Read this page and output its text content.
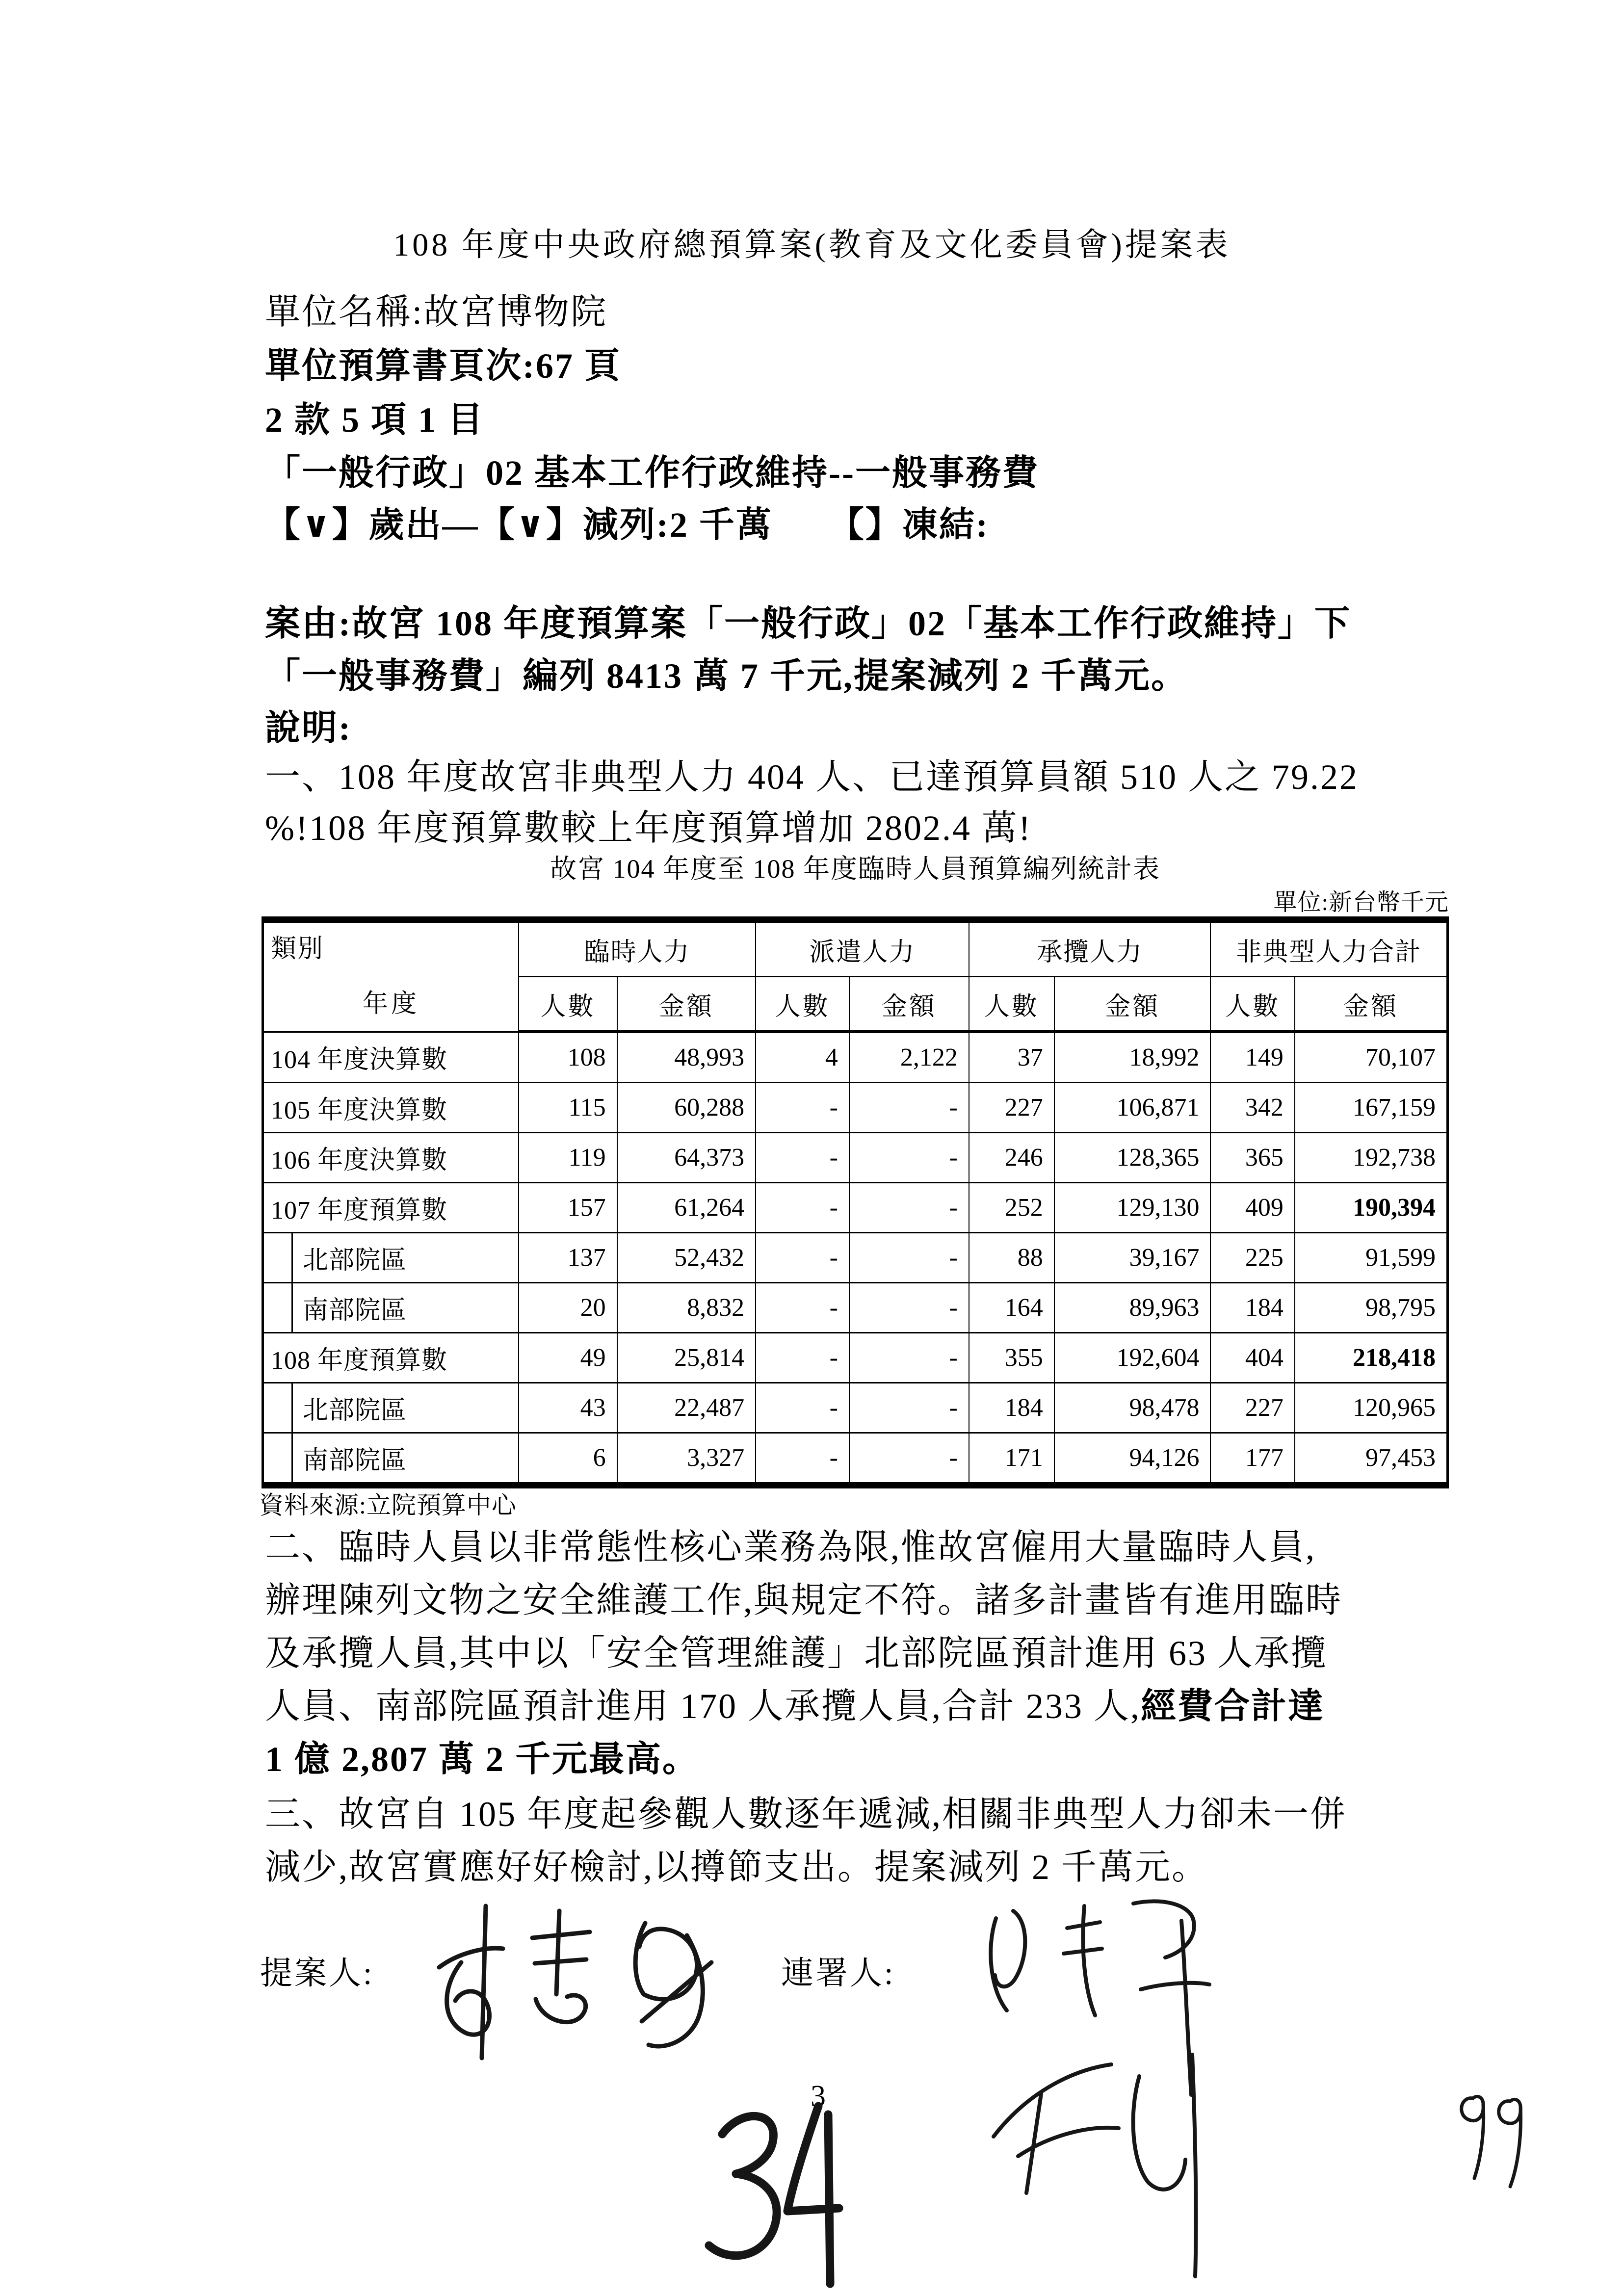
108 年度中央政府總預算案(教育及文化委員會)提案表
單位名稱:故宮博物院
單位預算書頁次:67 頁
2 款 5 項 1 目
「一般行政」02 基本工作行政維持--一般事務費
【∨】歲出—【∨】減列:2 千萬　　【】凍結:
案由:故宮 108 年度預算案「一般行政」02「基本工作行政維持」下
「一般事務費」編列 8413 萬 7 千元,提案減列 2 千萬元。
說明:
一、108 年度故宮非典型人力 404 人、已達預算員額 510 人之 79.22
%!108 年度預算數較上年度預算增加 2802.4 萬!
故宮 104 年度至 108 年度臨時人員預算編列統計表
單位:新台幣千元
類別
年度	臨時人力		派遣人力		承攬人力		非典型人力合計	
	人數	金額	人數	金額	人數	金額	人數	金額
104 年度決算數	108	48,993	4	2,122	37	18,992	149	70,107
105 年度決算數	115	60,288	-	-	227	106,871	342	167,159
106 年度決算數	119	64,373	-	-	246	128,365	365	192,738
107 年度預算數	157	61,264	-	-	252	129,130	409	190,394

北部院區	137	52,432	-	-	88	39,167	225	91,599

南部院區	20	8,832	-	-	164	89,963	184	98,795
108 年度預算數	49	25,814	-	-	355	192,604	404	218,418

北部院區	43	22,487	-	-	184	98,478	227	120,965

南部院區	6	3,327	-	-	171	94,126	177	97,453
資料來源:立院預算中心
二、臨時人員以非常態性核心業務為限,惟故宮僱用大量臨時人員,
辦理陳列文物之安全維護工作,與規定不符。諸多計畫皆有進用臨時
及承攬人員,其中以「安全管理維護」北部院區預計進用 63 人承攬
人員、南部院區預計進用 170 人承攬人員,合計 233 人,經費合計達
1 億 2,807 萬 2 千元最高。
三、故宮自 105 年度起參觀人數逐年遞減,相關非典型人力卻未一併
減少,故宮實應好好檢討,以撙節支出。提案減列 2 千萬元。
提案人:	連署人:
3
